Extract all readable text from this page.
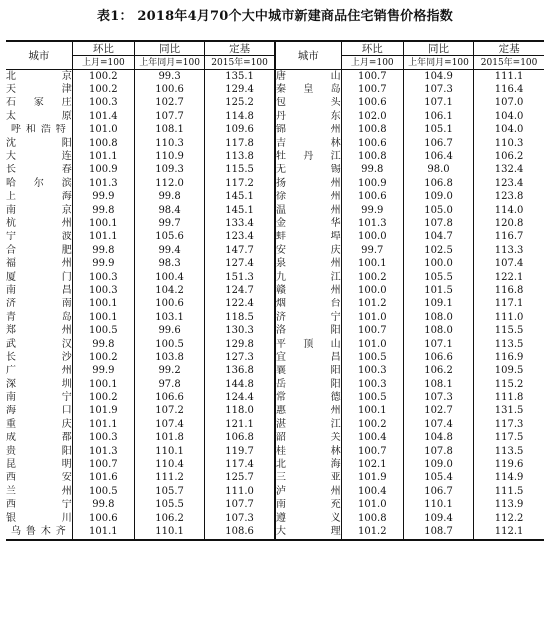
表1： 2018年4月70个大中城市新建商品住宅销售价格指数
城市	环比	同比	定基	城市	环比	同比	定基
	上月=100	上年同月=100	2015年=100		上月=100	上年同月=100	2015年=100
北京	100.2	99.3	135.1	唐山	100.7	104.9	111.1
天津	100.2	100.6	129.4	秦皇岛	100.7	107.3	116.4
石家庄	100.3	102.7	125.2	包头	100.6	107.1	107.0
太原	101.4	107.7	114.8	丹东	102.0	106.1	104.0
呼和浩特	101.0	108.1	109.6	锦州	100.8	105.1	104.0
沈阳	100.8	110.3	117.8	吉林	100.6	106.7	110.3
大连	101.1	110.9	113.8	牡丹江	100.8	106.4	106.2
长春	100.9	109.3	115.5	无锡	99.8	98.0	132.4
哈尔滨	101.3	112.0	117.2	扬州	100.9	106.8	123.4
上海	99.9	99.8	145.1	徐州	100.6	109.0	123.8
南京	99.8	98.4	145.1	温州	99.9	105.0	114.0
杭州	100.1	99.7	133.4	金华	101.3	107.8	120.8
宁波	101.1	105.6	123.4	蚌埠	100.0	104.7	116.7
合肥	99.8	99.4	147.7	安庆	99.7	102.5	113.3
福州	99.9	98.3	127.4	泉州	100.1	100.0	107.4
厦门	100.3	100.4	151.3	九江	100.2	105.5	122.1
南昌	100.3	104.2	124.7	赣州	100.0	101.5	116.8
济南	100.1	100.6	122.4	烟台	101.2	109.1	117.1
青岛	100.1	103.1	118.5	济宁	101.0	108.0	111.0
郑州	100.5	99.6	130.3	洛阳	100.7	108.0	115.5
武汉	99.8	100.5	129.8	平顶山	101.0	107.1	113.5
长沙	100.2	103.8	127.3	宜昌	100.5	106.6	116.9
广州	99.9	99.2	136.8	襄阳	100.3	106.2	109.5
深圳	100.1	97.8	144.8	岳阳	100.3	108.1	115.2
南宁	100.2	106.6	124.4	常德	100.5	107.3	111.8
海口	101.9	107.2	118.0	惠州	100.1	102.7	131.5
重庆	101.1	107.4	121.1	湛江	100.2	107.4	117.3
成都	100.3	101.8	106.8	韶关	100.4	104.8	117.5
贵阳	101.3	110.1	119.7	桂林	100.7	107.8	113.5
昆明	100.7	110.4	117.4	北海	102.1	109.0	119.6
西安	101.6	111.2	125.7	三亚	101.9	105.4	114.9
兰州	100.5	105.7	111.0	泸州	100.4	106.7	111.5
西宁	99.8	105.5	107.7	南充	101.0	110.1	113.9
银川	100.6	106.2	107.3	遵义	100.8	109.4	112.2
乌鲁木齐	101.1	110.1	108.6	大理	101.2	108.7	112.1
